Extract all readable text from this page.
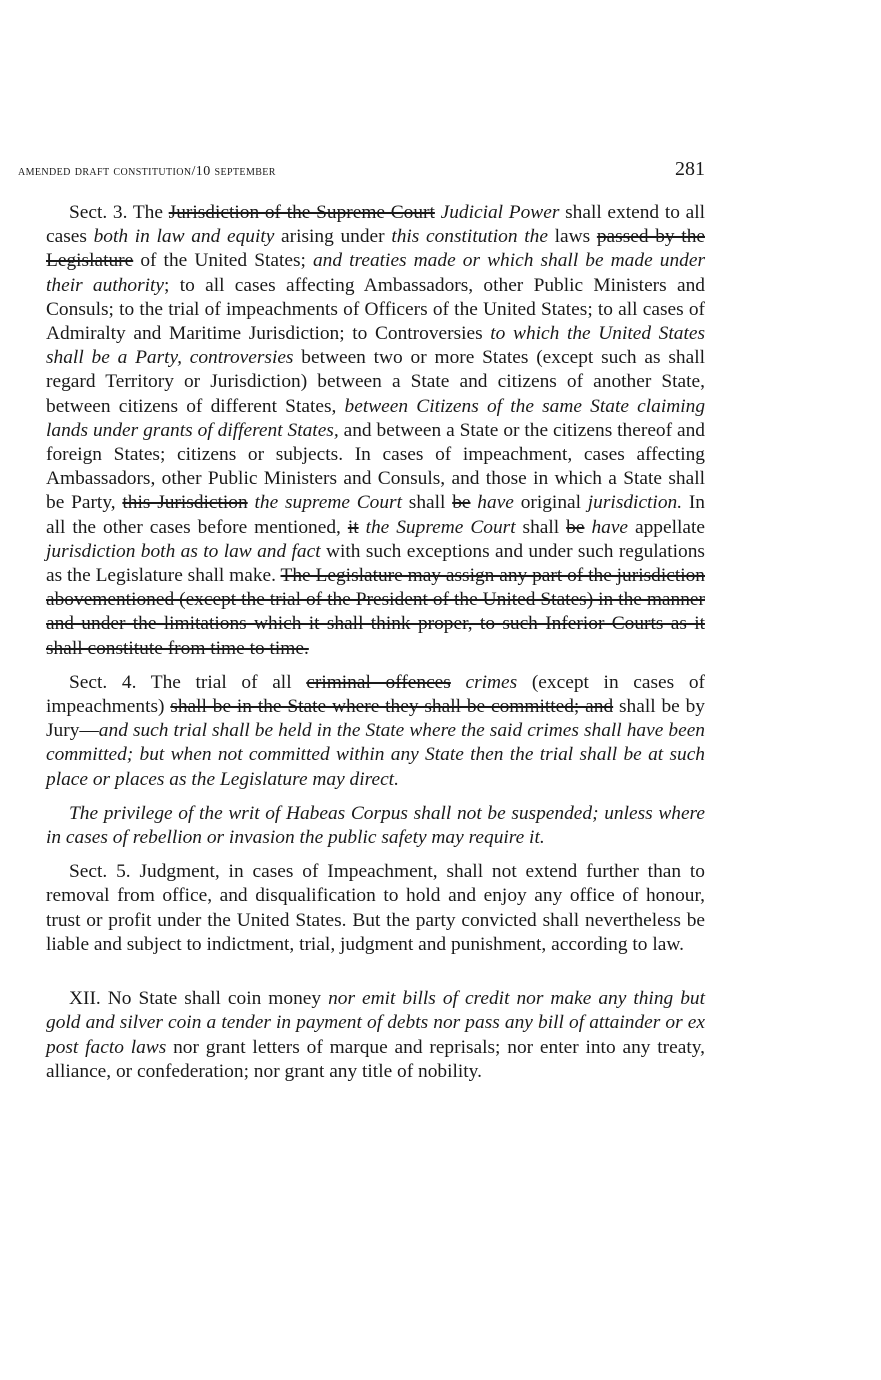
amended draft constitution/10 september	281

Sect. 3. The Jurisdiction of the Supreme Court Judicial Power shall extend to all cases both in law and equity arising under this constitution the laws passed by the Legislature of the United States; and treaties made or which shall be made under their authority; to all cases affecting Ambassadors, other Public Ministers and Consuls; to the trial of impeachments of Officers of the United States; to all cases of Admiralty and Maritime Jurisdiction; to Controversies to which the United States shall be a Party, controversies between two or more States (except such as shall regard Territory or Jurisdiction) between a State and citizens of another State, between citizens of different States, between Citizens of the same State claiming lands under grants of different States, and between a State or the citizens thereof and foreign States; citizens or subjects. In cases of impeachment, cases affecting Ambassadors, other Public Ministers and Consuls, and those in which a State shall be Party, this Jurisdiction the supreme Court shall be have original jurisdiction. In all the other cases before mentioned, it the Supreme Court shall be have appellate jurisdiction both as to law and fact with such exceptions and under such regulations as the Legislature shall make. The Legislature may assign any part of the jurisdiction abovementioned (except the trial of the President of the United States) in the manner and under the limitations which it shall think proper, to such Inferior Courts as it shall constitute from time to time.

Sect. 4. The trial of all criminal offences crimes (except in cases of impeachments) shall be in the State where they shall be committed; and shall be by Jury—and such trial shall be held in the State where the said crimes shall have been committed; but when not committed within any State then the trial shall be at such place or places as the Legislature may direct.

The privilege of the writ of Habeas Corpus shall not be suspended; unless where in cases of rebellion or invasion the public safety may require it.

Sect. 5. Judgment, in cases of Impeachment, shall not extend further than to removal from office, and disqualification to hold and enjoy any office of honour, trust or profit under the United States. But the party convicted shall nevertheless be liable and subject to indictment, trial, judgment and punishment, according to law.

XII. No State shall coin money nor emit bills of credit nor make any thing but gold and silver coin a tender in payment of debts nor pass any bill of attainder or ex post facto laws nor grant letters of marque and reprisals; nor enter into any treaty, alliance, or confederation; nor grant any title of nobility.
